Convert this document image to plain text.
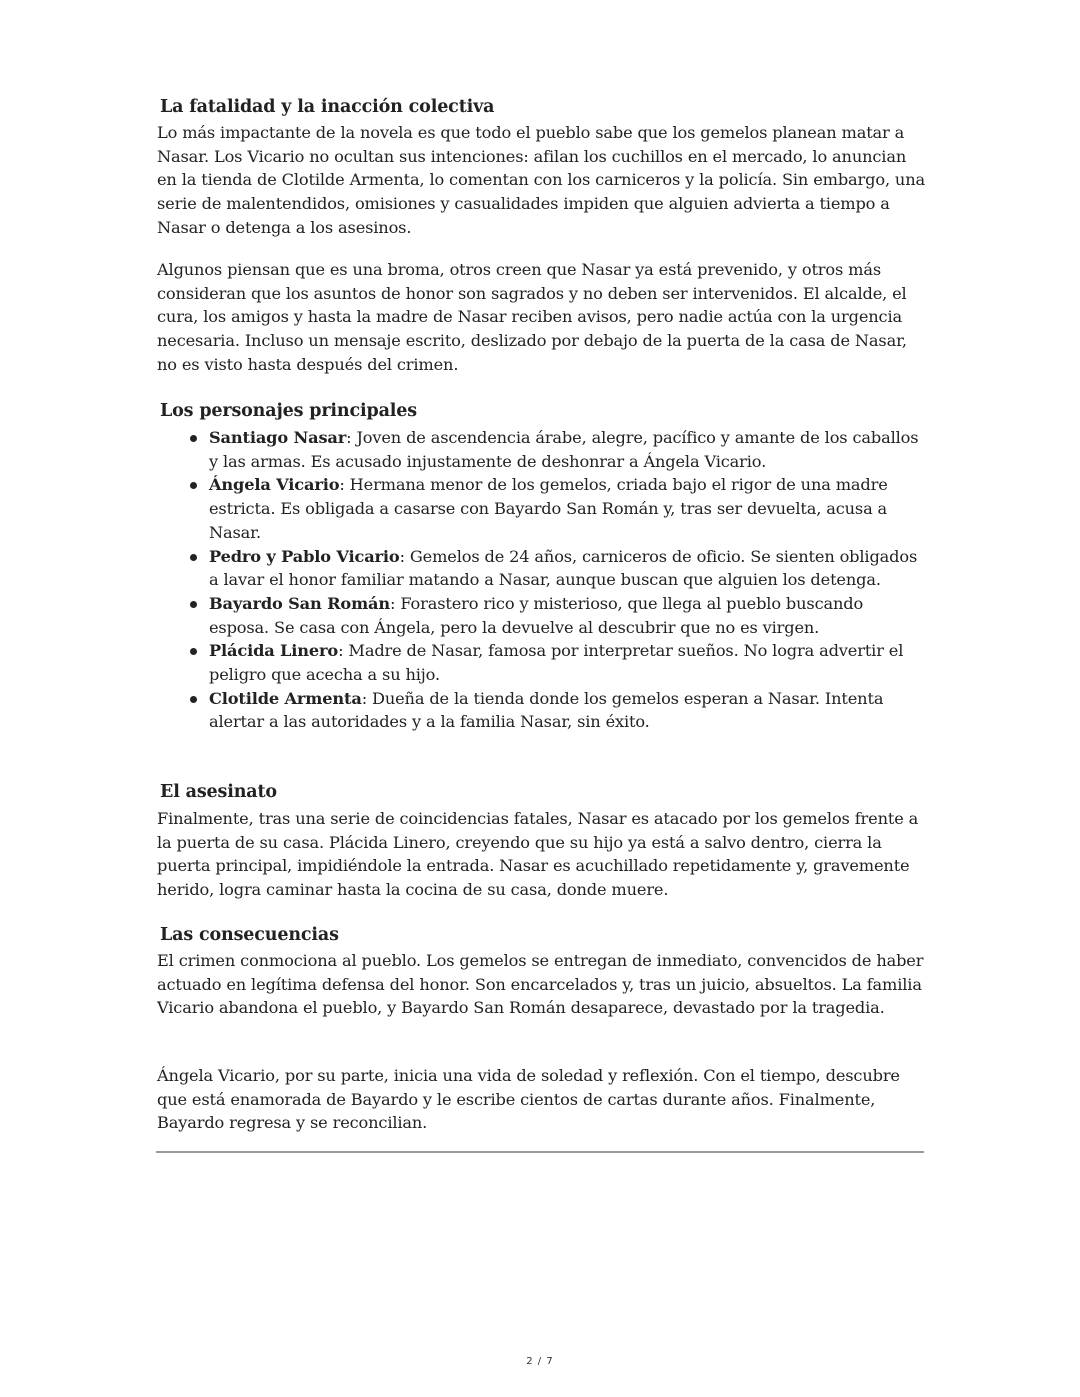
La fatalidad y la inacción colectiva

Lo más impactante de la novela es que todo el pueblo sabe que los gemelos planean matar a Nasar. Los Vicario no ocultan sus intenciones: afilan los cuchillos en el mercado, lo anuncian en la tienda de Clotilde Armenta, lo comentan con los carniceros y la policía. Sin embargo, una serie de malentendidos, omisiones y casualidades impiden que alguien advierta a tiempo a Nasar o detenga a los asesinos.

Algunos piensan que es una broma, otros creen que Nasar ya está prevenido, y otros más consideran que los asuntos de honor son sagrados y no deben ser intervenidos. El alcalde, el cura, los amigos y hasta la madre de Nasar reciben avisos, pero nadie actúa con la urgencia necesaria. Incluso un mensaje escrito, deslizado por debajo de la puerta de la casa de Nasar, no es visto hasta después del crimen.

Los personajes principales
Santiago Nasar: Joven de ascendencia árabe, alegre, pacífico y amante de los caballos y las armas. Es acusado injustamente de deshonrar a Ángela Vicario.
Ángela Vicario: Hermana menor de los gemelos, criada bajo el rigor de una madre estricta. Es obligada a casarse con Bayardo San Román y, tras ser devuelta, acusa a Nasar.
Pedro y Pablo Vicario: Gemelos de 24 años, carniceros de oficio. Se sienten obligados a lavar el honor familiar matando a Nasar, aunque buscan que alguien los detenga.
Bayardo San Román: Forastero rico y misterioso, que llega al pueblo buscando esposa. Se casa con Ángela, pero la devuelve al descubrir que no es virgen.
Plácida Linero: Madre de Nasar, famosa por interpretar sueños. No logra advertir el peligro que acecha a su hijo.
Clotilde Armenta: Dueña de la tienda donde los gemelos esperan a Nasar. Intenta alertar a las autoridades y a la familia Nasar, sin éxito.
El asesinato

Finalmente, tras una serie de coincidencias fatales, Nasar es atacado por los gemelos frente a la puerta de su casa. Plácida Linero, creyendo que su hijo ya está a salvo dentro, cierra la puerta principal, impidiéndole la entrada. Nasar es acuchillado repetidamente y, gravemente herido, logra caminar hasta la cocina de su casa, donde muere.

Las consecuencias

El crimen conmociona al pueblo. Los gemelos se entregan de inmediato, convencidos de haber actuado en legítima defensa del honor. Son encarcelados y, tras un juicio, absueltos. La familia Vicario abandona el pueblo, y Bayardo San Román desaparece, devastado por la tragedia.

Ángela Vicario, por su parte, inicia una vida de soledad y reflexión. Con el tiempo, descubre que está enamorada de Bayardo y le escribe cientos de cartas durante años. Finalmente, Bayardo regresa y se reconcilian.

2 / 7
